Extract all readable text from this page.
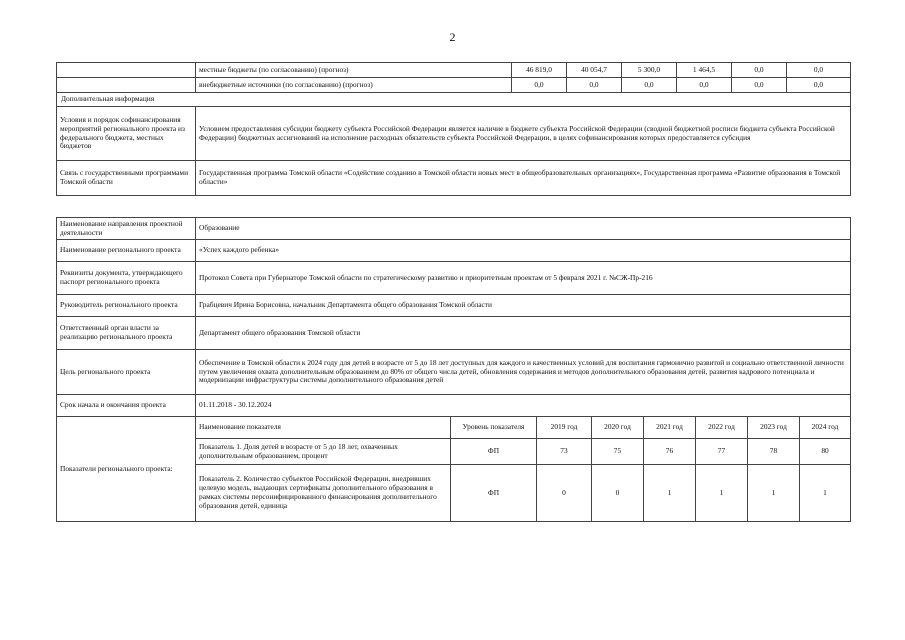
2
	местные бюджеты (по согласованию) (прогноз)	46 819,0	40 054,7	5 300,0	1 464,5	0,0	0,0
	внебюджетные источники (по согласованию) (прогноз)	0,0	0,0	0,0	0,0	0,0	0,0
Дополнительная информация							
Условия и порядок софинансирования мероприятий регионального проекта из федерального бюджета, местных бюджетов	Условием предоставления субсидии бюджету субъекта Российской Федерации является наличие в бюджете субъекта Российской Федерации (сводной бюджетной росписи бюджета субъекта Российской Федерации) бюджетных ассигнований на исполнение расходных обязательств субъекта Российской Федерации, в целях софинансирования которых предоставляется субсидия						
Связь с государственными программами Томской области	Государственная программа Томской области «Содействие созданию в Томской области новых мест в общеобразовательных организациях», Государственная программа «Развитие образования в Томской области»						
Наименование направления проектной деятельности	Образование							
Наименование регионального проекта	«Успех каждого ребенка»							
Реквизиты документа, утверждающего паспорт регионального проекта	Протокол Совета при Губернаторе Томской области по стратегическому развитию и приоритетным проектам от 5 февраля 2021 г. №СЖ-Пр-216							
Руководитель регионального проекта	Грабцевич Ирина Борисовна, начальник Департамента общего образования Томской области							
Ответственный орган власти за реализацию регионального проекта	Департамент общего образования Томской области							
Цель регионального проекта	Обеспечение в Томской области к 2024 году для детей в возрасте от 5 до 18 лет доступных для каждого и качественных условий для воспитания гармонично развитой и социально ответственной личности путем увеличения охвата дополнительным образованием до 80% от общего числа детей, обновления содержания и методов дополнительного образования детей, развития кадрового потенциала и модернизации инфраструктуры системы дополнительного образования детей							
Срок начала и окончания проекта	01.11.2018 - 30.12.2024							
Показатели регионального проекта:	Наименование показателя	Уровень показателя	2019 год	2020 год	2021 год	2022 год	2023 год	2024 год
	Показатель 1. Доля детей в возрасте от 5 до 18 лет, охваченных дополнительным образованием, процент	ФП	73	75	76	77	78	80
	Показатель 2. Количество субъектов Российской Федерации, внедривших целевую модель, выдающих сертификаты дополнительного образования в рамках системы персонифицированного финансирования дополнительного образования детей, единица	ФП	0	0	1	1	1	1
